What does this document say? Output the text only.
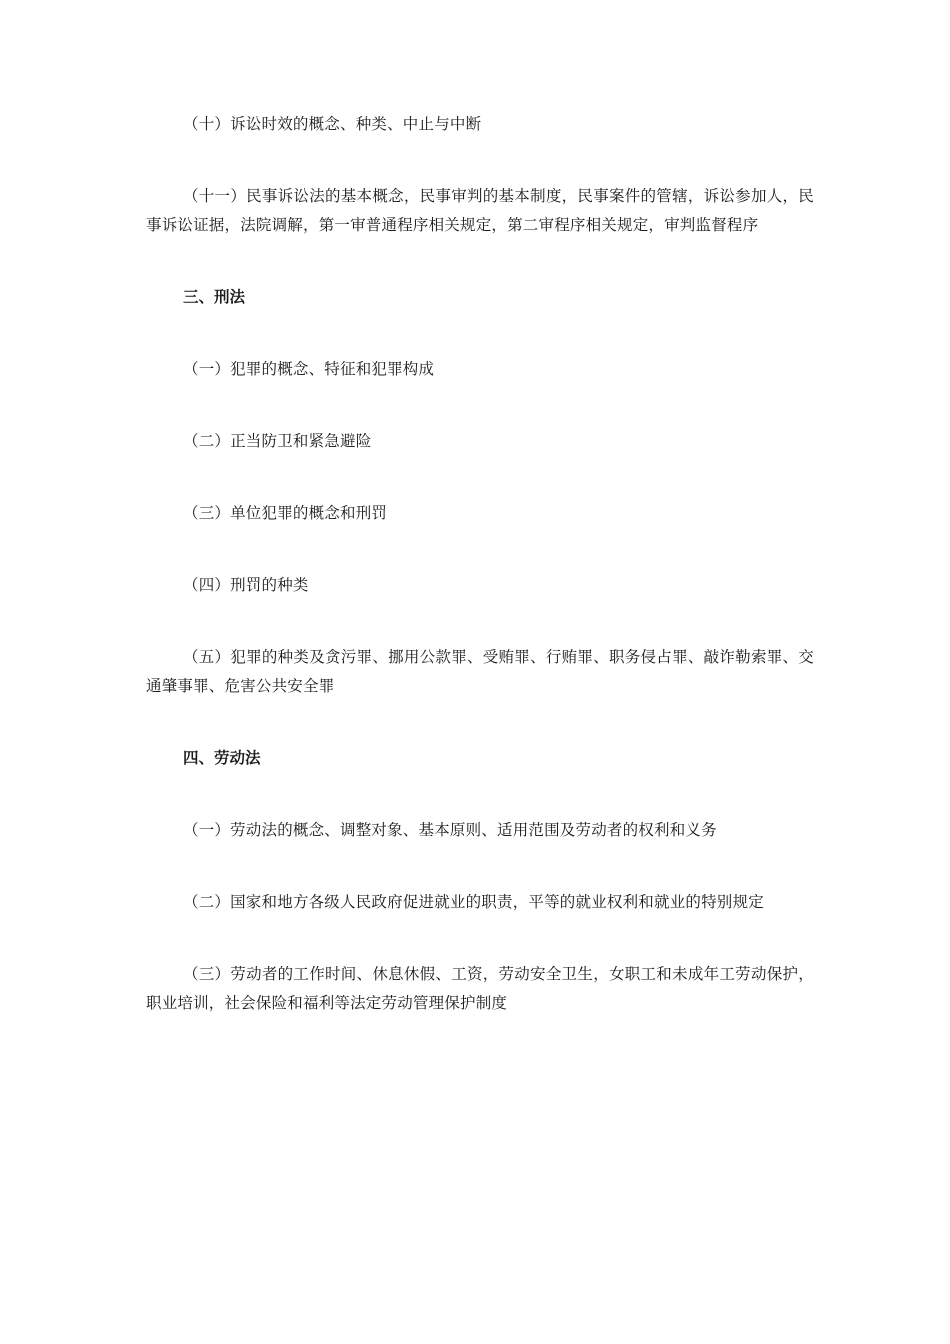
（十）诉讼时效的概念、种类、中止与中断

（十一）民事诉讼法的基本概念，民事审判的基本制度，民事案件的管辖，诉讼参加人，民事诉讼证据，法院调解，第一审普通程序相关规定，第二审程序相关规定，审判监督程序

三、刑法

（一）犯罪的概念、特征和犯罪构成

（二）正当防卫和紧急避险

（三）单位犯罪的概念和刑罚

（四）刑罚的种类

（五）犯罪的种类及贪污罪、挪用公款罪、受贿罪、行贿罪、职务侵占罪、敲诈勒索罪、交通肇事罪、危害公共安全罪

四、劳动法

（一）劳动法的概念、调整对象、基本原则、适用范围及劳动者的权利和义务

（二）国家和地方各级人民政府促进就业的职责，平等的就业权利和就业的特别规定

（三）劳动者的工作时间、休息休假、工资，劳动安全卫生，女职工和未成年工劳动保护，职业培训，社会保险和福利等法定劳动管理保护制度
